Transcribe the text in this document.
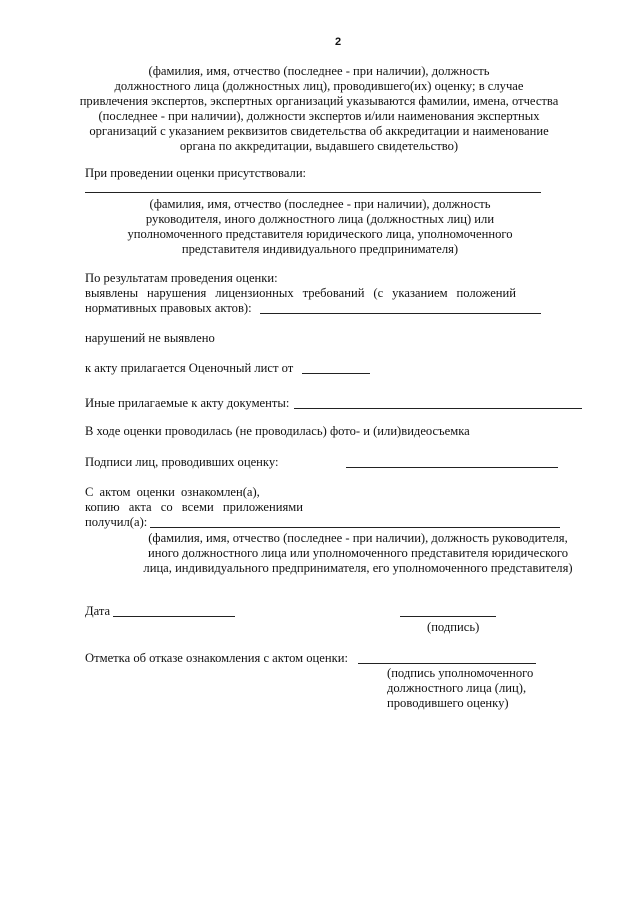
2
(фамилия, имя, отчество (последнее - при наличии), должность
должностного лица (должностных лиц), проводившего(их) оценку; в случае
привлечения экспертов, экспертных организаций указываются фамилии, имена, отчества
(последнее - при наличии), должности экспертов и/или наименования экспертных
организаций с указанием реквизитов свидетельства об аккредитации и наименование
органа по аккредитации, выдавшего свидетельство)
При проведении оценки присутствовали:
(фамилия, имя, отчество (последнее - при наличии), должность
руководителя, иного должностного лица (должностных лиц) или
уполномоченного представителя юридического лица, уполномоченного
представителя индивидуального предпринимателя)
По результатам проведения оценки:
выявлены нарушения лицензионных требований (с указанием положений
нормативных правовых актов):
нарушений не выявлено
к акту прилагается Оценочный лист от
Иные прилагаемые к акту документы:
В ходе оценки проводилась (не проводилась) фото- и (или)видеосъемка
Подписи лиц, проводивших оценку:
С актом оценки ознакомлен(а),
копию акта со всеми приложениями
получил(а):
(фамилия, имя, отчество (последнее - при наличии), должность руководителя,
иного должностного лица или уполномоченного представителя юридического
лица, индивидуального предпринимателя, его уполномоченного представителя)
Дата
(подпись)
Отметка об отказе ознакомления с актом оценки:
(подпись уполномоченного
должностного лица (лиц),
проводившего оценку)
